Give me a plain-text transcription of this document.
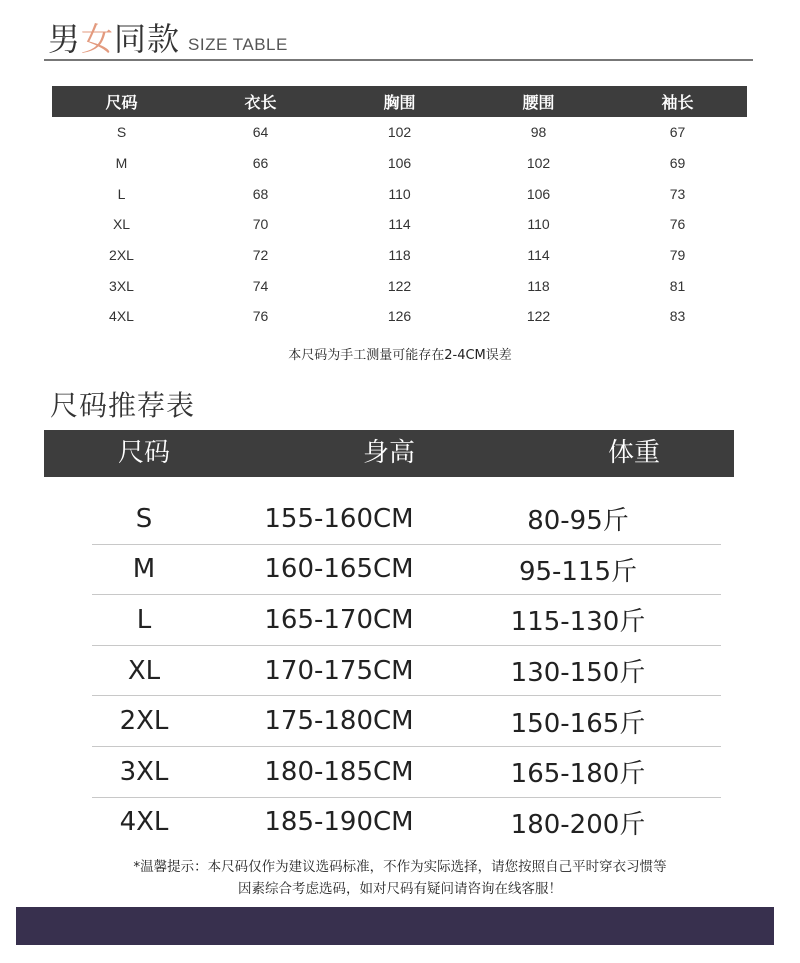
男女同款 SIZE TABLE
尺码	衣长	胸围	腰围	袖长
S	64	102	98	67
M	66	106	102	69
L	68	110	106	73
XL	70	114	110	76
2XL	72	118	114	79
3XL	74	122	118	81
4XL	76	126	122	83
本尺码为手工测量可能存在2-4CM误差
尺码推荐表
尺码	身高	体重
S	155-160CM	80-95斤
M	160-165CM	95-115斤
L	165-170CM	115-130斤
XL	170-175CM	130-150斤
2XL	175-180CM	150-165斤
3XL	180-185CM	165-180斤
4XL	185-190CM	180-200斤
*温馨提示：本尺码仅作为建议选码标准，不作为实际选择，请您按照自己平时穿衣习惯等
因素综合考虑选码，如对尺码有疑问请咨询在线客服！
